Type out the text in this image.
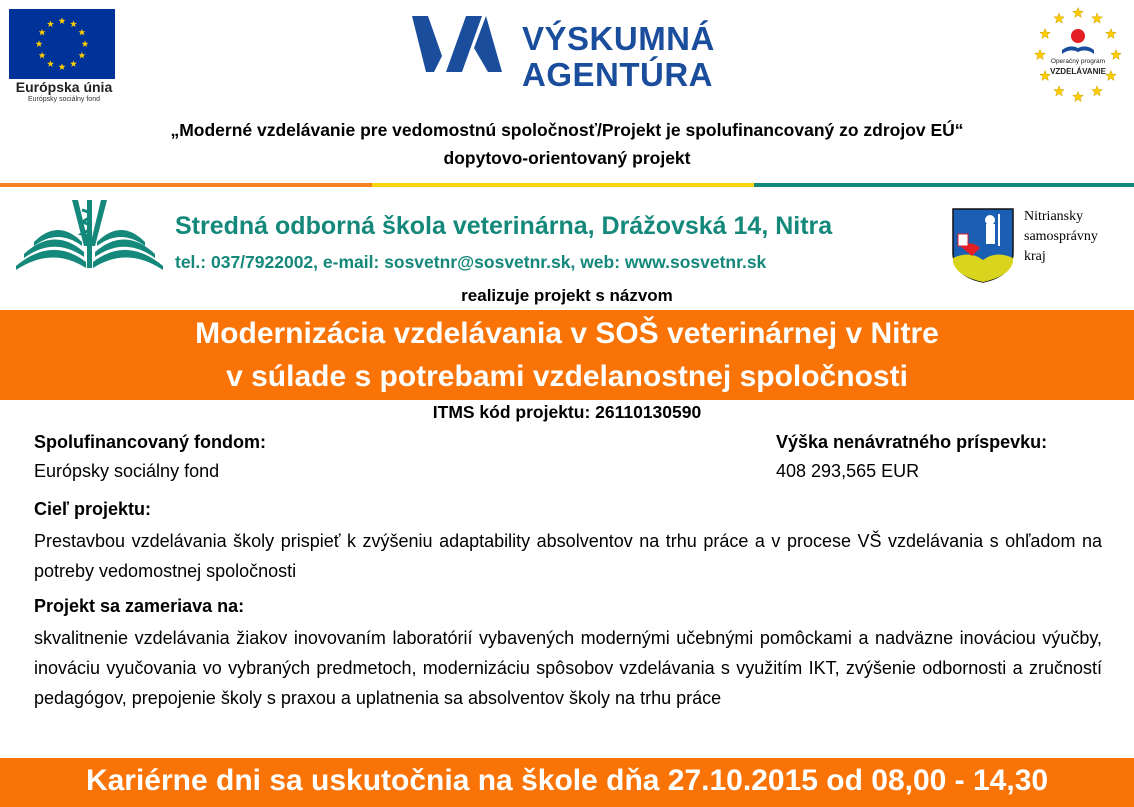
Európska únia
Európsky sociálny fond
VÝSKUMNÁ
AGENTÚRA	Operačný program
VZDELÁVANIE
„Moderné vzdelávanie pre vedomostnú spoločnosť/Projekt je spolufinancovaný zo zdrojov EÚ“
dopytovo-orientovaný projekt
Stredná odborná škola veterinárna, Drážovská 14, Nitra
tel.: 037/7922002, e-mail: sosvetnr@sosvetnr.sk, web: www.sosvetnr.sk
Nitriansky
samosprávny
kraj
realizuje projekt s názvom
Modernizácia vzdelávania v SOŠ veterinárnej v Nitre
v súlade s potrebami vzdelanostnej spoločnosti
ITMS kód projektu: 26110130590
Spolufinancovaný fondom:
Európsky sociálny fond
Výška nenávratného príspevku:
408 293,565 EUR
Cieľ projektu:
Prestavbou vzdelávania školy prispieť k zvýšeniu adaptability absolventov na trhu práce a v procese VŠ vzdelávania s ohľadom na potreby vedomostnej spoločnosti
Projekt sa zameriava na:
skvalitnenie vzdelávania žiakov inovovaním laboratórií vybavených modernými učebnými pomôckami a nadväzne inováciou výučby, inováciu vyučovania vo vybraných predmetoch, modernizáciu spôsobov vzdelávania s využitím IKT, zvýšenie odbornosti a zručností pedagógov, prepojenie školy s praxou a uplatnenia sa absolventov školy na trhu práce
Kariérne dni sa uskutočnia na škole dňa 27.10.2015 od 08,00 - 14,30
